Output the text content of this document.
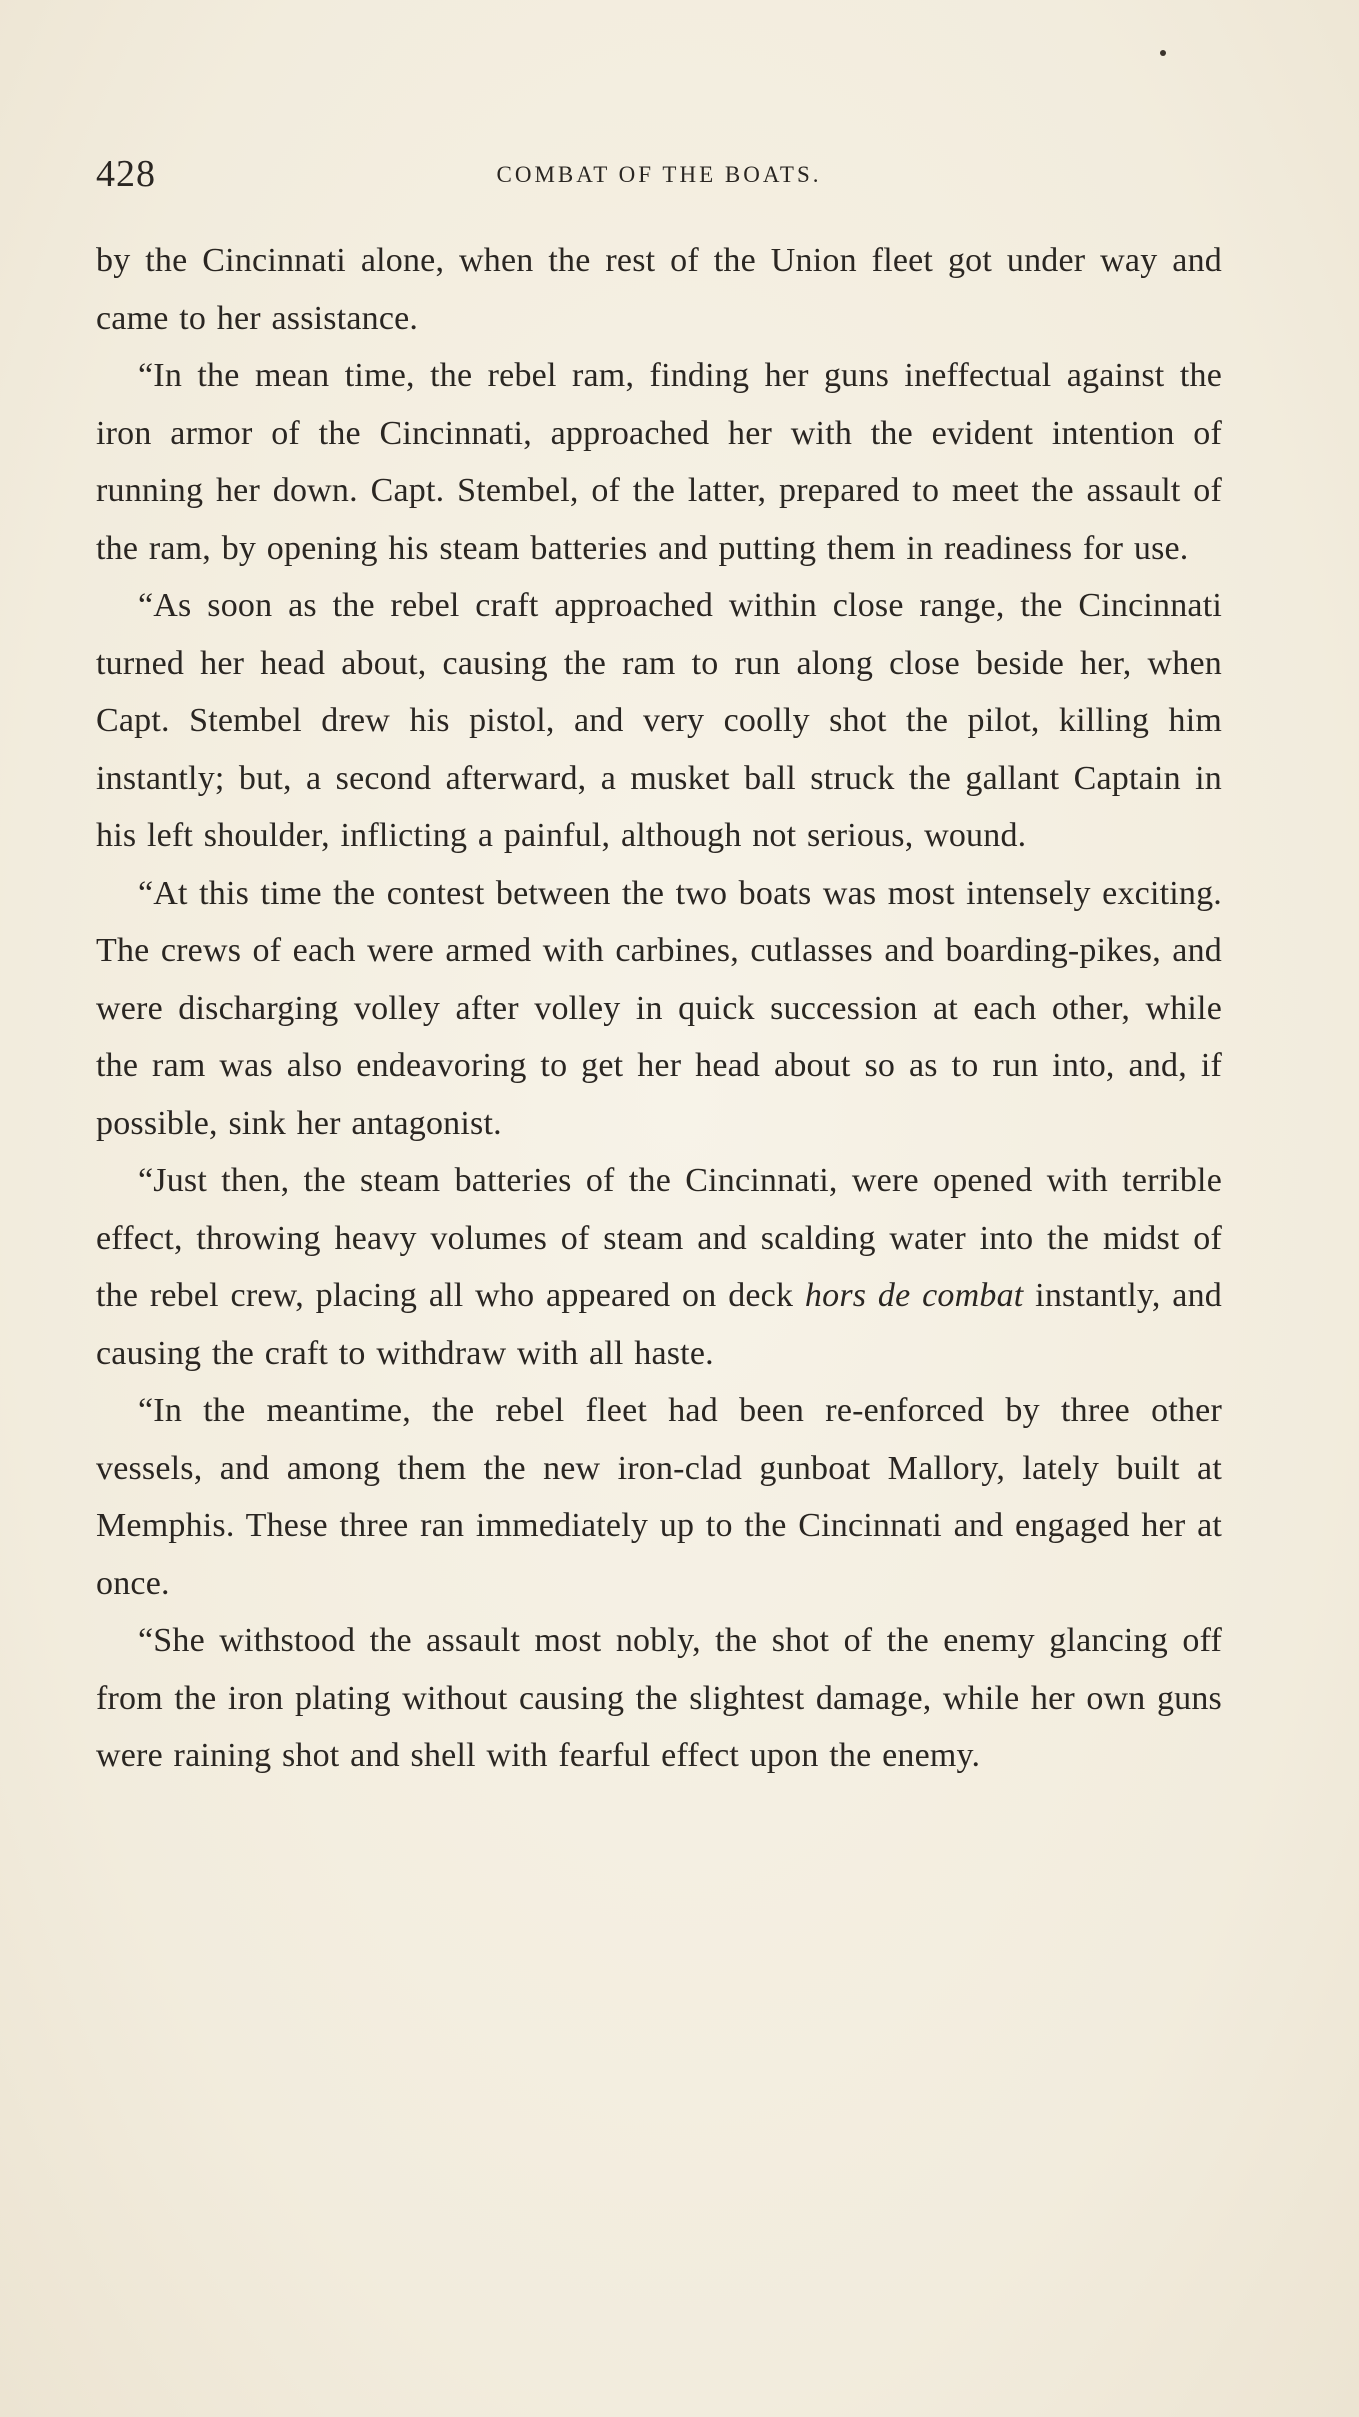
428	COMBAT OF THE BOATS.

by the Cincinnati alone, when the rest of the Union fleet got under way and came to her assistance.

“In the mean time, the rebel ram, finding her guns ineffectual against the iron armor of the Cincinnati, approached her with the evident intention of running her down. Capt. Stembel, of the latter, prepared to meet the assault of the ram, by opening his steam batteries and putting them in readiness for use.

“As soon as the rebel craft approached within close range, the Cincinnati turned her head about, causing the ram to run along close beside her, when Capt. Stembel drew his pistol, and very coolly shot the pilot, killing him instantly; but, a second afterward, a musket ball struck the gallant Captain in his left shoulder, inflicting a painful, although not serious, wound.

“At this time the contest between the two boats was most intensely exciting. The crews of each were armed with carbines, cutlasses and boarding-pikes, and were discharging volley after volley in quick succession at each other, while the ram was also endeavoring to get her head about so as to run into, and, if possible, sink her antagonist.

“Just then, the steam batteries of the Cincinnati, were opened with terrible effect, throwing heavy volumes of steam and scalding water into the midst of the rebel crew, placing all who appeared on deck hors de combat instantly, and causing the craft to withdraw with all haste.

“In the meantime, the rebel fleet had been re-enforced by three other vessels, and among them the new iron-clad gunboat Mallory, lately built at Memphis. These three ran immediately up to the Cincinnati and engaged her at once.

“She withstood the assault most nobly, the shot of the enemy glancing off from the iron plating without causing the slightest damage, while her own guns were raining shot and shell with fearful effect upon the enemy.
